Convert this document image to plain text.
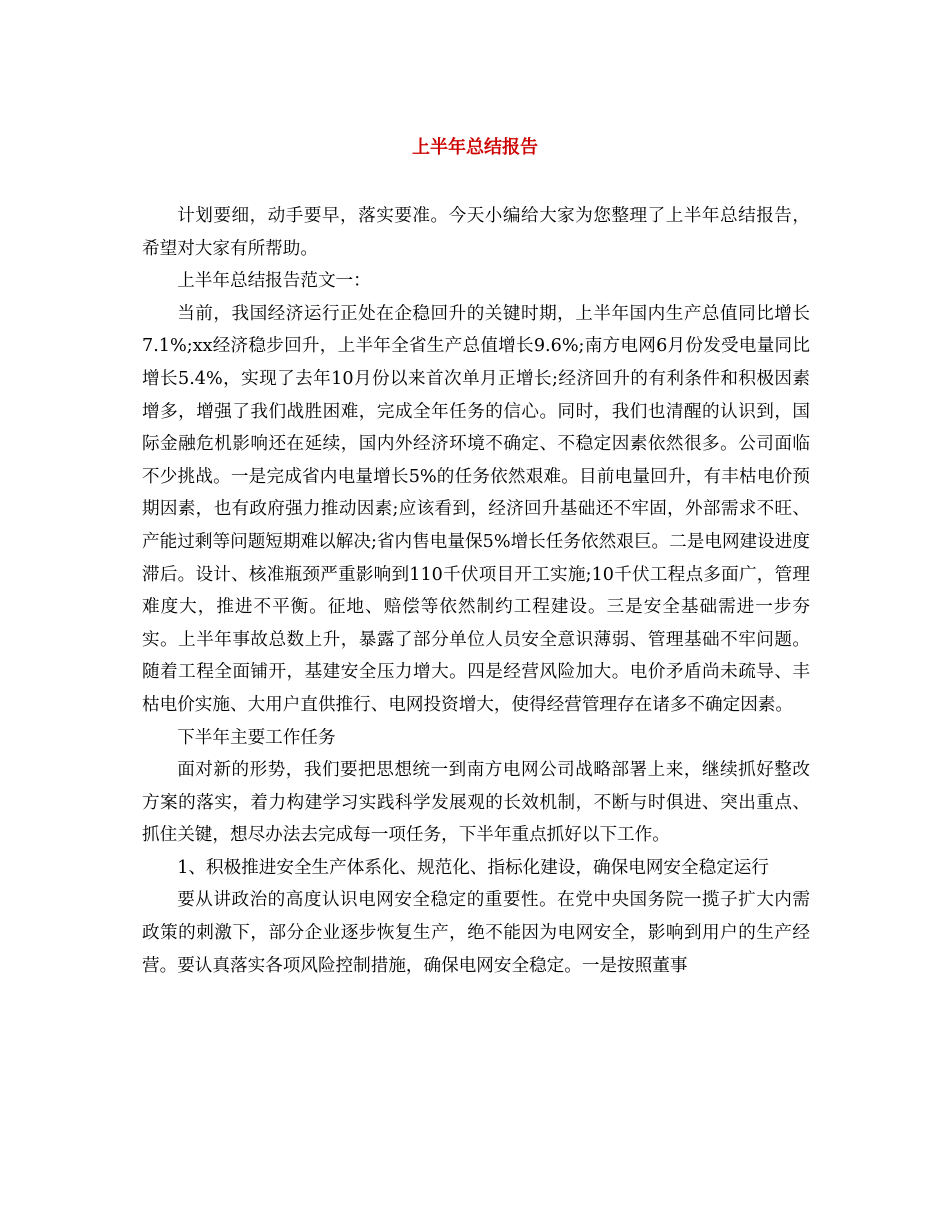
上半年总结报告

计划要细，动手要早，落实要准。今天小编给大家为您整理了上半年总结报告，希望对大家有所帮助。

上半年总结报告范文一：

当前，我国经济运行正处在企稳回升的关键时期，上半年国内生产总值同比增长7.1%;xx经济稳步回升，上半年全省生产总值增长9.6%;南方电网6月份发受电量同比增长5.4%，实现了去年10月份以来首次单月正增长;经济回升的有利条件和积极因素增多，增强了我们战胜困难，完成全年任务的信心。同时，我们也清醒的认识到，国际金融危机影响还在延续，国内外经济环境不确定、不稳定因素依然很多。公司面临不少挑战。一是完成省内电量增长5%的任务依然艰难。目前电量回升，有丰枯电价预期因素，也有政府强力推动因素;应该看到，经济回升基础还不牢固，外部需求不旺、产能过剩等问题短期难以解决;省内售电量保5%增长任务依然艰巨。二是电网建设进度滞后。设计、核准瓶颈严重影响到110千伏项目开工实施;10千伏工程点多面广，管理难度大，推进不平衡。征地、赔偿等依然制约工程建设。三是安全基础需进一步夯实。上半年事故总数上升，暴露了部分单位人员安全意识薄弱、管理基础不牢问题。随着工程全面铺开，基建安全压力增大。四是经营风险加大。电价矛盾尚未疏导、丰枯电价实施、大用户直供推行、电网投资增大，使得经营管理存在诸多不确定因素。

下半年主要工作任务

面对新的形势，我们要把思想统一到南方电网公司战略部署上来，继续抓好整改方案的落实，着力构建学习实践科学发展观的长效机制，不断与时俱进、突出重点、抓住关键，想尽办法去完成每一项任务，下半年重点抓好以下工作。

1、积极推进安全生产体系化、规范化、指标化建设，确保电网安全稳定运行

要从讲政治的高度认识电网安全稳定的重要性。在党中央国务院一揽子扩大内需政策的刺激下，部分企业逐步恢复生产，绝不能因为电网安全，影响到用户的生产经营。要认真落实各项风险控制措施，确保电网安全稳定。一是按照董事
